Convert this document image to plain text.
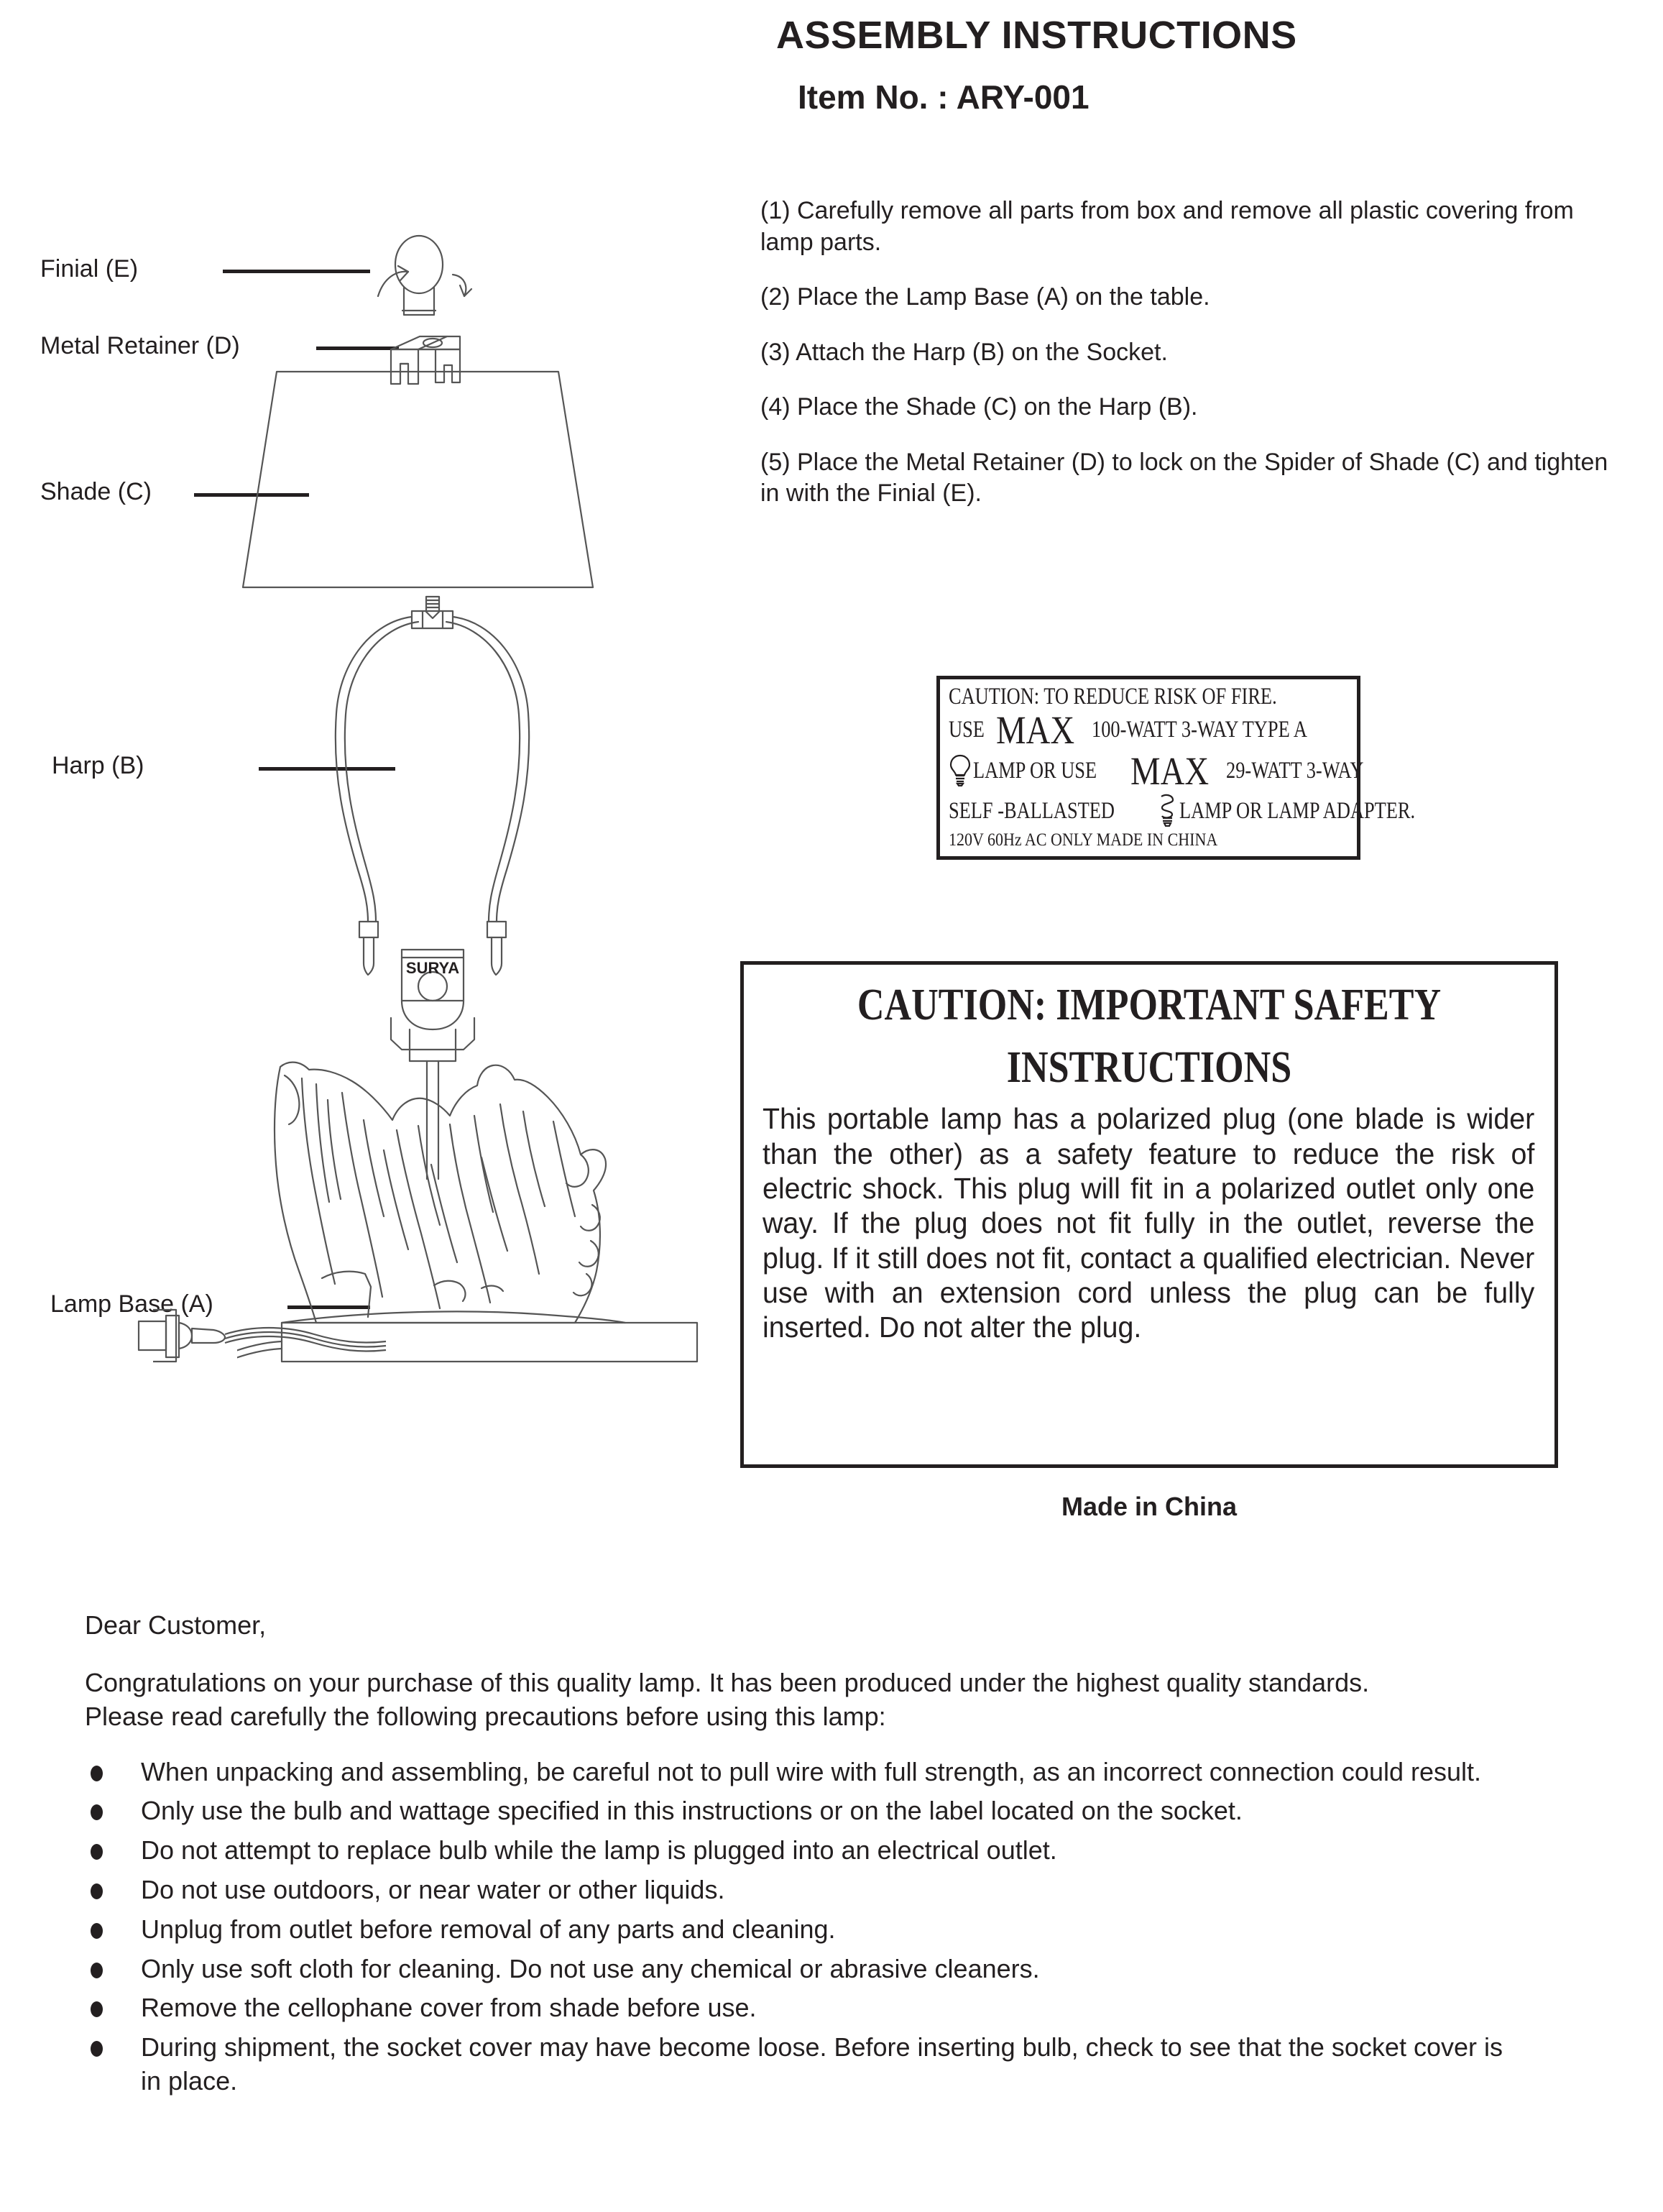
ASSEMBLY INSTRUCTIONS
Item No. : ARY-001
(1) Carefully remove all parts from box and remove all plastic covering from lamp parts.
(2) Place the Lamp Base (A) on the table.
(3) Attach the Harp (B) on the Socket.
(4) Place the Shade (C) on the Harp (B).
(5) Place the Metal Retainer (D) to lock on the Spider of Shade (C) and tighten in with the Finial (E).
Finial (E)
Metal Retainer (D)
Shade (C)
Harp (B)
Lamp Base (A)
SURYA
CAUTION: TO REDUCE RISK OF FIRE.
USE MAX 100-WATT 3-WAY TYPE A
LAMP OR USE MAX 29-WATT 3-WAY
SELF -BALLASTED	LAMP OR LAMP ADAPTER.
120V 60Hz AC ONLY MADE IN CHINA
CAUTION: IMPORTANT SAFETY
INSTRUCTIONS
This portable lamp has a polarized plug (one blade is wider than the other) as a safety feature to reduce the risk of electric shock. This plug will fit in a polarized outlet only one way. If the plug does not fit fully in the outlet, reverse the plug. If it still does not fit, contact a qualified electrician. Never use with an extension cord unless the plug can be fully inserted. Do not alter the plug.
Made in China
Dear Customer,
Congratulations on your purchase of this quality lamp. It has been produced under the highest quality standards. Please read carefully the following precautions before using this lamp:
When unpacking and assembling, be careful not to pull wire with full strength, as an incorrect connection could result.
Only use the bulb and wattage specified in this instructions or on the label located on the socket.
Do not attempt to replace bulb while the lamp is plugged into an electrical outlet.
Do not use outdoors, or near water or other liquids.
Unplug from outlet before removal of any parts and cleaning.
Only use soft cloth for cleaning. Do not use any chemical or abrasive cleaners.
Remove the cellophane cover from shade before use.
During shipment, the socket cover may have become loose. Before inserting bulb, check to see that the socket cover is in place.
